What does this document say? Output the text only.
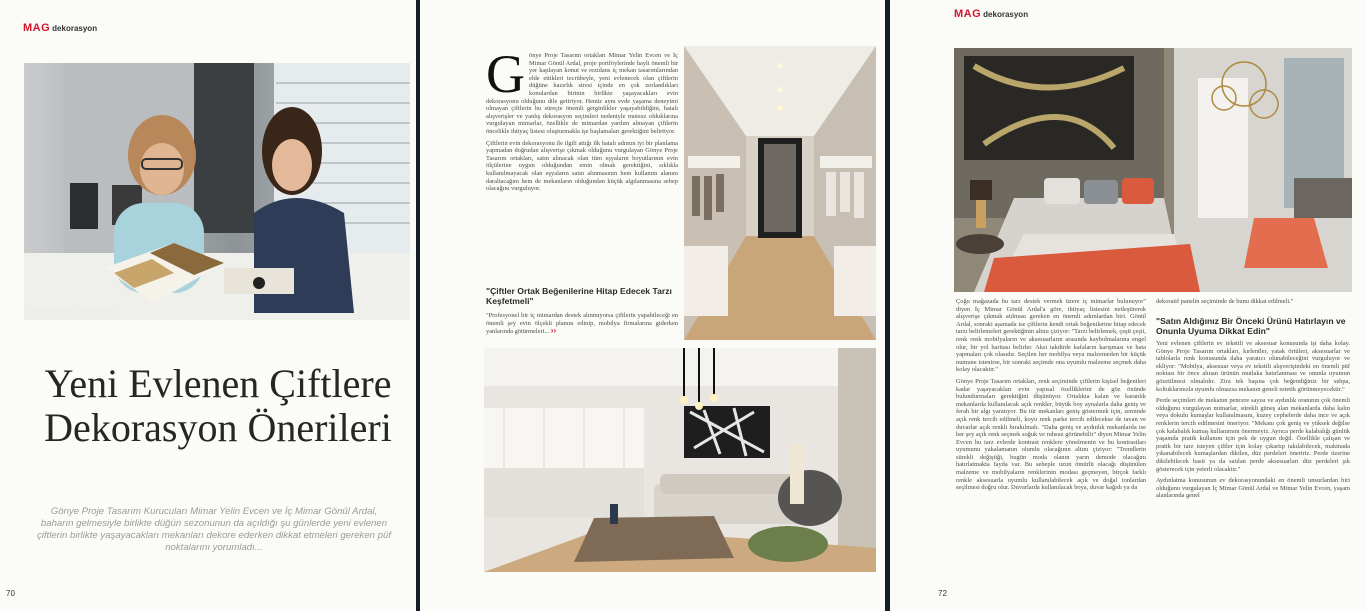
MAG dekorasyon
GÖNÜL ARDAL - YELİN EVCEN
Yeni Evlenen Çiftlere Dekorasyon Önerileri
Gönye Proje Tasarım Kurucuları Mimar Yelin Evcen ve İç Mimar Gönül Ardal, baharın gelmesiyle birlikte düğün sezonunun da açıldığı şu günlerde yeni evlenen çiftlerin birlikte yaşayacakları mekanları dekore ederken dikkat etmeleri gereken püf noktalarını yorumladı...
70

Gönye Proje Tasarım ortakları Mimar Yelin Evcen ve İç Mimar Gönül Ardal, proje portföylerinde hayli önemli bir yer kaplayan konut ve rezidans iç mekan tasarımlarından elde ettikleri tecrübeyle, yeni evlenecek olan çiftlerin düğüne hazırlık stresi içinde en çok zorlandıkları konulardan birinin birlikte yaşayacakları evin dekorasyonu olduğunu dile getiriyor. Henüz aynı evde yaşama deneyimi olmayan çiftlerin bu süreçte önemli gerginlikler yaşayabildiğini, hatalı alışverişler ve yanlış dekorasyon seçimleri nedeniyle mutsuz olduklarına vurgulayan mimarlar, özellikle de mimardan yardım almayan çiftlerin öncelikle ihtiyaç listesi oluşturmakla işe başlamaları gerektiğini belirtiyor.

Çiftlerin evin dekorasyonu ile ilgili attığı ilk hatalı adımın iyi bir planlama yapmadan doğrudan alışverişe çıkmak olduğunu vurgulayan Gönye Proje Tasarım ortakları, satın alınacak olan tüm eşyaların boyutlarının evin ölçülerine uygun olduğundan emin olmak gerektiğini, sıklıkla kullanılmayacak olan eşyaların satın alınmasının hem kullanım alanını daraltacağını hem de mekanların olduğundan küçük algılanmasına sebep olacağını vurguluyor.

"Çiftler Ortak Beğenilerine Hitap Edecek Tarzı Keşfetmeli"
"Profesyonel bir iç mimardan destek alınmıyorsa çiftlerin yapabileceği en önemli şey evin ölçekli planını edinip, mobilya firmalarına giderken yanlarında götürmeleri... ››
MAG dekorasyon

Çoğu mağazada bu tarz destek vermek üzere iç mimarlar bulunuyor" diyen İç Mimar Gönül Ardal'a göre, ihtiyaç listesini netleştirerek alışverişe çıkmak atılması gereken en önemli adımlardan biri. Gönül Ardal, sonraki aşamada ise çiftlerin kendi ortak beğenilerine hitap edecek tarzı belirlemeleri gerektiğinin altını çiziyor: "Tarzı belirlemek, çeşit çeşit, renk renk mobilyaların ve aksesuarların arasında kaybolmalarına engel olur, bir yol haritası belirler. Aksi takdirde kafaların karışması ve hata yapmaları çok olasıdır. Seçilen her mobilya veya malzemeden bir küçük numune istenirse, bir sonraki seçimde ona uyumlu malzeme seçmek daha kolay olacaktır."

Gönye Proje Tasarım ortakları, renk seçiminde çiftlerin kişisel beğenileri kadar yaşayacakları evin yapısal özelliklerini de göz önünde bulundurmaları gerektiğini düşünüyor. Ortalıkta kalan ve karanlık mekanlarda kullanılacak açık renkler, büyük boy aynalarla daha geniş ve ferah bir algı yaratıyor. Bu tür mekanları geniş göstermek için, zeminde açık renk tercih edilmeli, koyu renk parke tercih edilecekse de tavan ve duvarlar açık renkli bırakılmalı. "Daha geniş ve aydınlık mekanlarda ise her şey açık renk seçmek soğuk ve ruhsuz görünebilir" diyen Mimar Yelin Evcen bu tarz evlerde kontrast renklere yönelmenin ve bu kontrastları uyumunu yakalamanın olumlu olacağının altını çiziyor: "Trendlerin sürekli değiştiği, bugün moda olanın yarın demode olacağını hatırlatmakta fayda var. Bu sebeple uzun ömürlü olacağı düşünülen malzeme ve mobilyaların renklerinin modası geçmeyen, birçok farklı renkle aksesuarla uyumlu kullanılabilecek açık ve doğal tonlardan seçilmesi doğru olur. Duvarlarda kullanılacak boya, duvar kağıdı ya da

dekoratif panelin seçiminde de bunu dikkat edilmeli."

"Satın Aldığınız Bir Önceki Ürünü Hatırlayın ve Onunla Uyuma Dikkat Edin"

Yeni evlenen çiftlerin ev tekstili ve aksesuar konusunda işi daha kolay. Gönye Proje Tasarım ortakları, kırlentler, yatak örtüleri, aksesuarlar ve tablolarla renk konusunda daha yaratıcı olunabileceğini vurguluyor ve ekliyor: "Mobilya, aksesuar veya ev tekstili alışverişindeki en önemli püf noktası bir önce alınan ürünün mutlaka hatırlanması ve onunla uyumun gözetilmesi olmalıdır. Zira tek başına çok beğendiğiniz bir sehpa, koltuklarınızla uyumlu olmazsa mekanın geneli estetik görünmeyecektir."

Perde seçimleri de mekanın pencere sayısı ve aydınlık oranının çok önemli olduğunu vurgulayan mimarlar, sürekli güneş alan mekanlarda daha kalın veya dokulu kumaşlar kullanılmasını, kuzey cephelerde daha ince ve açık renklerin tercih edilmesini öneriyor. "Mekanı çok geniş ve yüksek değilse çok kalabalık kumaş kullanımını önermeyiz. Ayrıca perde kalabalığı günlük yaşamda pratik kullanım için pek de uygun değil. Özellikle çalışan ve pratik bir tarz isteyen çiftler için kolay çıkartıp takılabilecek, makinada yıkanabilecek kumaşlardan dikilen, düz perdeleri öneririz. Perde üzerine dikilebilecek basit ya da satılan perde aksesuarları düz perdeleri şık gösterecek için yeterli olacaktır."

Aydınlatma konusunun ev dekorasyonundaki en önemli unsurlardan biri olduğunu vurgulayan İç Mimar Gönül Ardal ve Mimar Yelin Evcen, yaşam alanlarında genel

72
